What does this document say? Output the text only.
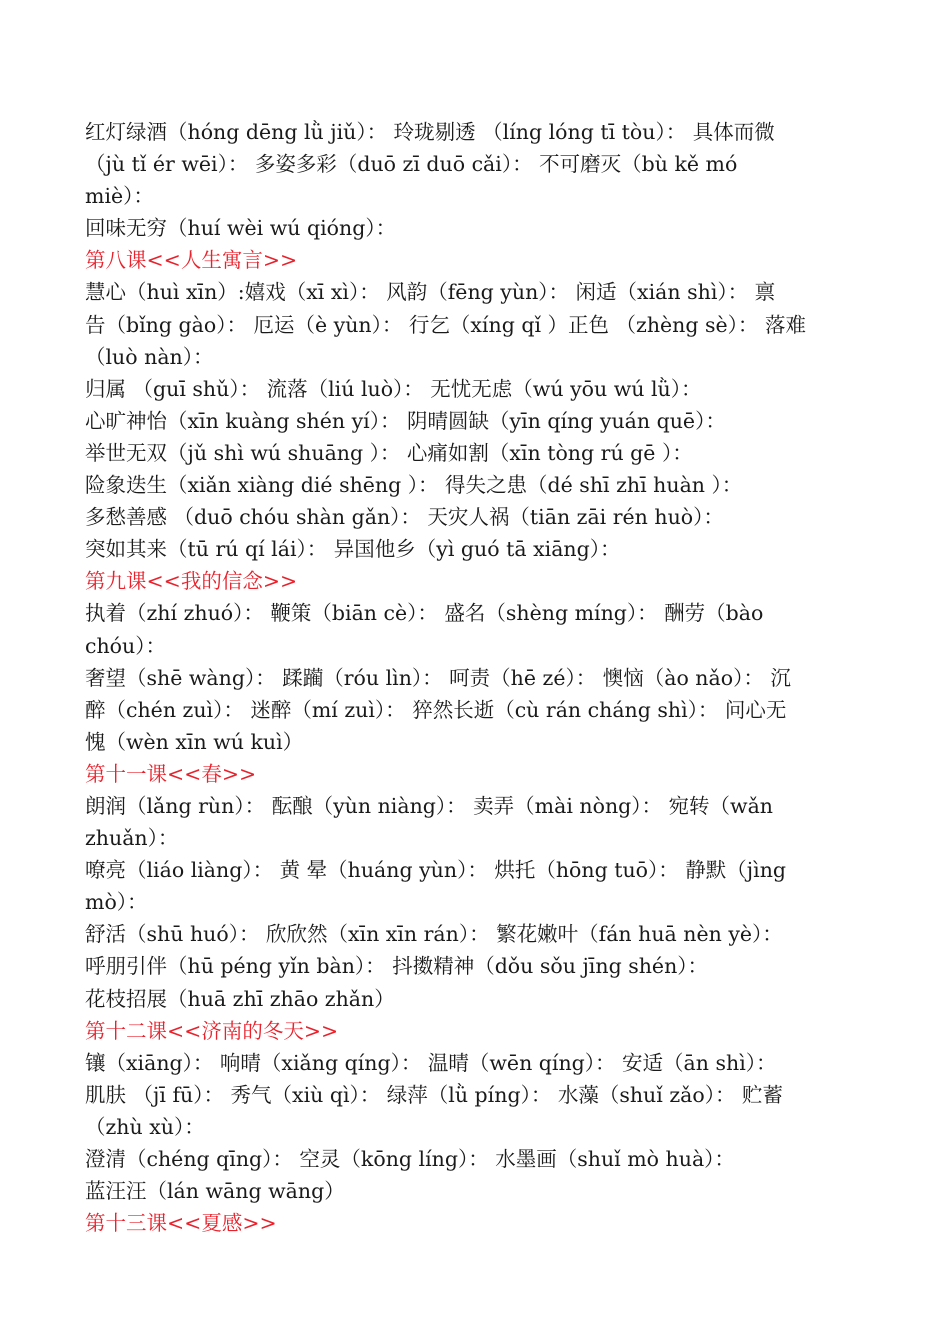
红灯绿酒（hóng dēng lǜ jiǔ）： 玲珑剔透 （líng lóng tī tòu）： 具体而微
（jù tǐ ér wēi）： 多姿多彩（duō zī duō cǎi）： 不可磨灭（bù kě mó
miè）：
回味无穷（huí wèi wú qióng）：
第八课<<人生寓言>>
慧心（huì xīn）:嬉戏（xī xì）： 风韵（fēng yùn）： 闲适（xián shì）： 禀
告（bǐng gào）： 厄运（è yùn）： 行乞（xíng qǐ ）正色 （zhèng sè）： 落难
（luò nàn）：
归属 （guī shǔ）： 流落（liú luò）： 无忧无虑（wú yōu wú lǜ）：
心旷神怡（xīn kuàng shén yí）： 阴晴圆缺（yīn qíng yuán quē）：
举世无双（jǔ shì wú shuāng ）： 心痛如割（xīn tòng rú gē ）：
险象迭生（xiǎn xiàng dié shēng ）： 得失之患（dé shī zhī huàn ）：
多愁善感 （duō chóu shàn gǎn）： 天灾人祸（tiān zāi rén huò）：
突如其来（tū rú qí lái）： 异国他乡（yì guó tā xiāng）：
第九课<<我的信念>>
执着（zhí zhuó）： 鞭策（biān cè）： 盛名（shèng míng）： 酬劳（bào
chóu）：
奢望（shē wàng）： 蹂躏（róu lìn）： 呵责（hē zé）： 懊恼（ào nǎo）： 沉
醉（chén zuì）： 迷醉（mí zuì）： 猝然长逝（cù rán cháng shì）： 问心无
愧（wèn xīn wú kuì）
第十一课<<春>>
朗润（lǎng rùn）： 酝酿（yùn niàng）： 卖弄（mài nòng）： 宛转（wǎn
zhuǎn）：
嘹亮（liáo liàng）： 黄 晕（huáng yùn）： 烘托（hōng tuō）： 静默（jìng
mò）：
舒活（shū huó）： 欣欣然（xīn xīn rán）： 繁花嫩叶（fán huā nèn yè）：
呼朋引伴（hū péng yǐn bàn）： 抖擞精神（dǒu sǒu jīng shén）：
花枝招展（huā zhī zhāo zhǎn）
第十二课<<济南的冬天>>
镶（xiāng）： 响晴（xiǎng qíng）： 温晴（wēn qíng）： 安适（ān shì）：
肌肤 （jī fū）： 秀气（xiù qì）： 绿萍（lǜ píng）： 水藻（shuǐ zǎo）： 贮蓄
（zhù xù）：
澄清（chéng qīng）： 空灵（kōng líng）： 水墨画（shuǐ mò huà）：
蓝汪汪（lán wāng wāng）
第十三课<<夏感>>
